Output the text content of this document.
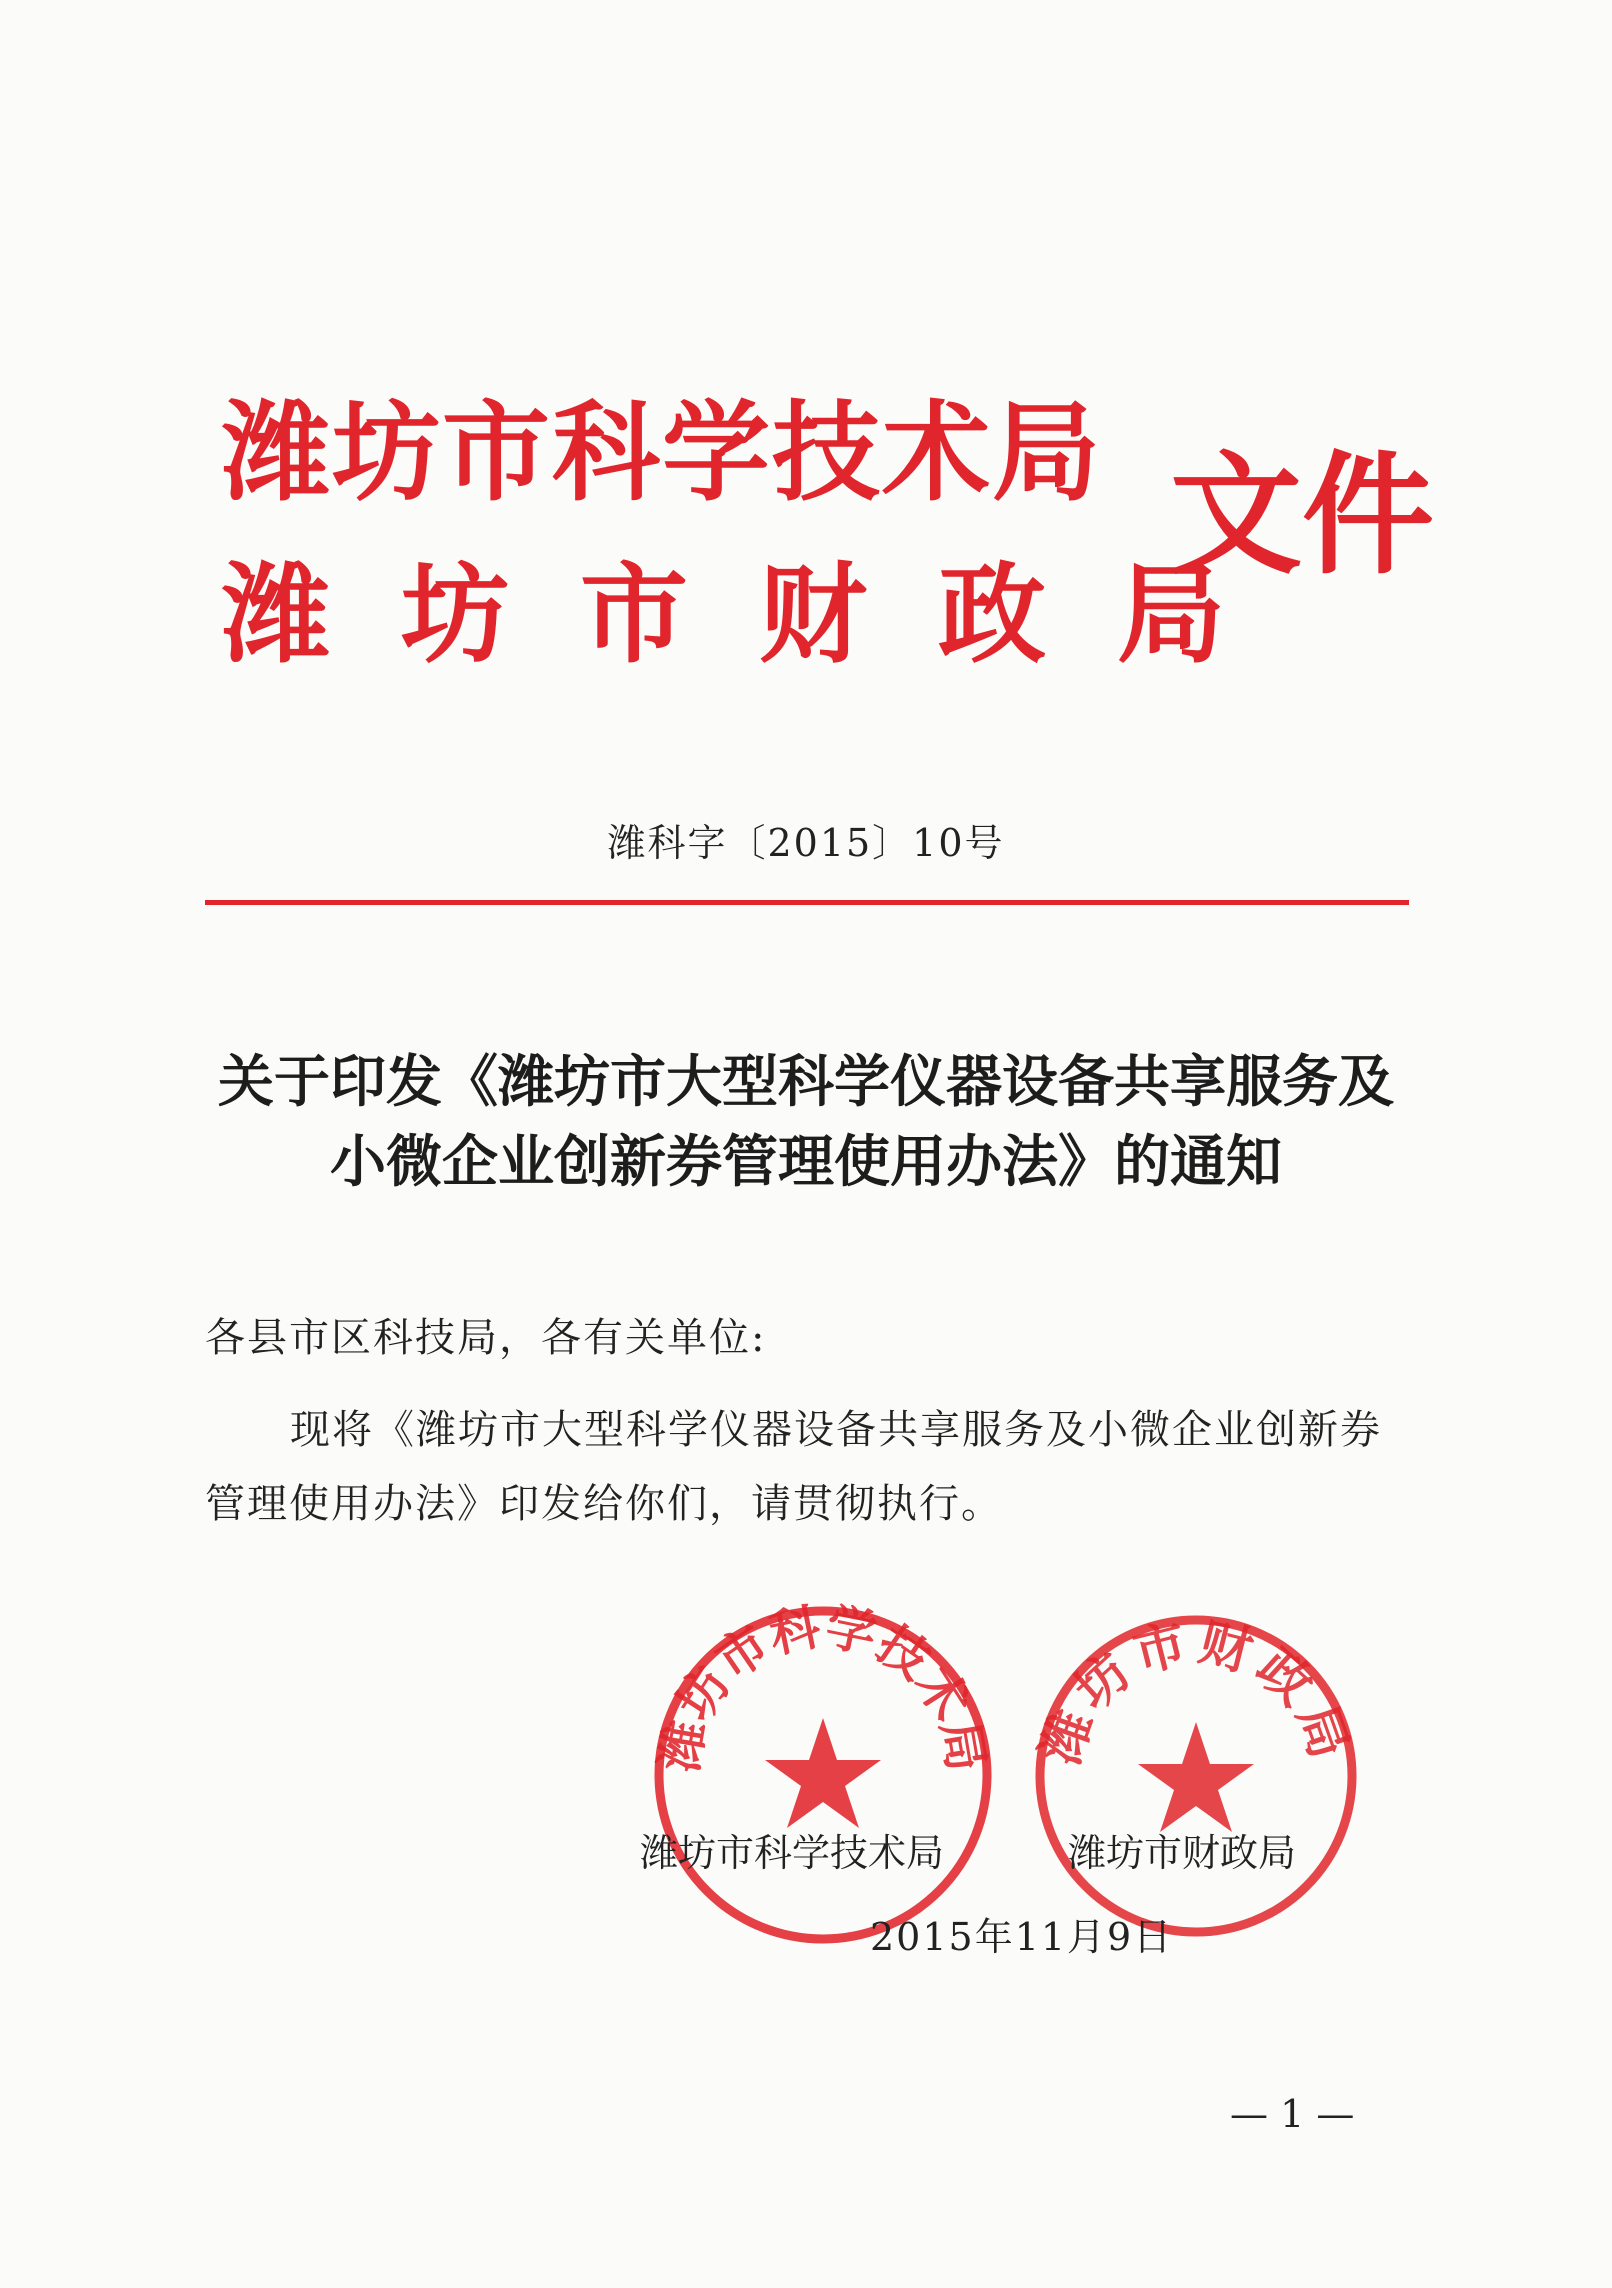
潍坊市科学技术局
潍坊市财政局
文件
潍科字〔2015〕10号
关于印发《潍坊市大型科学仪器设备共享服务及
小微企业创新券管理使用办法》的通知
各县市区科技局，各有关单位:
现将《潍坊市大型科学仪器设备共享服务及小微企业创新券
管理使用办法》印发给你们，请贯彻执行。
潍坊市科学技术局 潍坊市财政局
潍坊市科学技术局	潍坊市财政局
2015年11月9日
— 1 —
